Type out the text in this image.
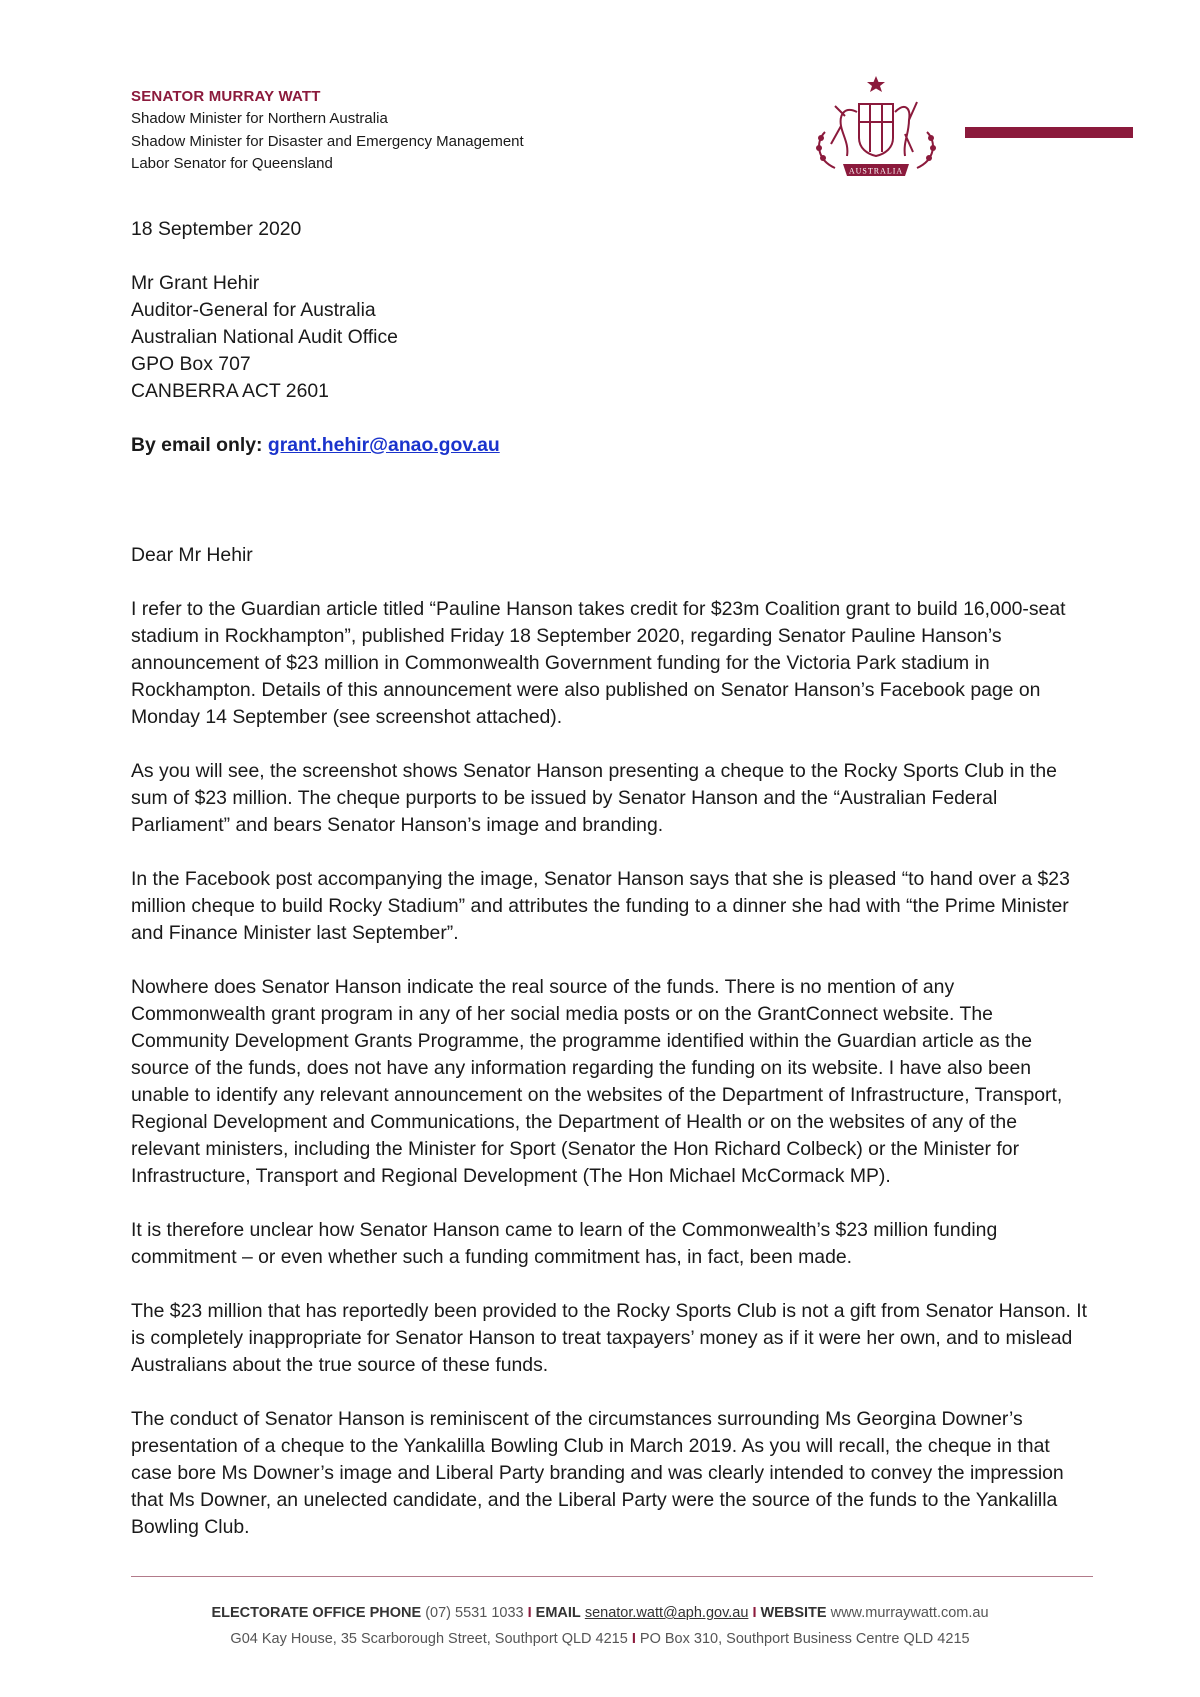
SENATOR MURRAY WATT
Shadow Minister for Northern Australia
Shadow Minister for Disaster and Emergency Management
Labor Senator for Queensland	AUSTRALIA
18 September 2020
Mr Grant Hehir
Auditor-General for Australia
Australian National Audit Office
GPO Box 707
CANBERRA ACT 2601
By email only: grant.hehir@anao.gov.au
Dear Mr Hehir

I refer to the Guardian article titled “Pauline Hanson takes credit for $23m Coalition grant to build 16,000-seat stadium in Rockhampton”, published Friday 18 September 2020, regarding Senator Pauline Hanson’s announcement of $23 million in Commonwealth Government funding for the Victoria Park stadium in Rockhampton. Details of this announcement were also published on Senator Hanson’s Facebook page on Monday 14 September (see screenshot attached).

As you will see, the screenshot shows Senator Hanson presenting a cheque to the Rocky Sports Club in the sum of $23 million. The cheque purports to be issued by Senator Hanson and the “Australian Federal Parliament” and bears Senator Hanson’s image and branding.

In the Facebook post accompanying the image, Senator Hanson says that she is pleased “to hand over a $23 million cheque to build Rocky Stadium” and attributes the funding to a dinner she had with “the Prime Minister and Finance Minister last September”.

Nowhere does Senator Hanson indicate the real source of the funds. There is no mention of any Commonwealth grant program in any of her social media posts or on the GrantConnect website. The Community Development Grants Programme, the programme identified within the Guardian article as the source of the funds, does not have any information regarding the funding on its website. I have also been unable to identify any relevant announcement on the websites of the Department of Infrastructure, Transport, Regional Development and Communications, the Department of Health or on the websites of any of the relevant ministers, including the Minister for Sport (Senator the Hon Richard Colbeck) or the Minister for Infrastructure, Transport and Regional Development (The Hon Michael McCormack MP).

It is therefore unclear how Senator Hanson came to learn of the Commonwealth’s $23 million funding commitment – or even whether such a funding commitment has, in fact, been made.

The $23 million that has reportedly been provided to the Rocky Sports Club is not a gift from Senator Hanson. It is completely inappropriate for Senator Hanson to treat taxpayers’ money as if it were her own, and to mislead Australians about the true source of these funds.

The conduct of Senator Hanson is reminiscent of the circumstances surrounding Ms Georgina Downer’s presentation of a cheque to the Yankalilla Bowling Club in March 2019. As you will recall, the cheque in that case bore Ms Downer’s image and Liberal Party branding and was clearly intended to convey the impression that Ms Downer, an unelected candidate, and the Liberal Party were the source of the funds to the Yankalilla Bowling Club.

ELECTORATE OFFICE PHONE (07) 5531 1033 I EMAIL senator.watt@aph.gov.au I WEBSITE www.murraywatt.com.au
G04 Kay House, 35 Scarborough Street, Southport QLD 4215 I PO Box 310, Southport Business Centre QLD 4215
